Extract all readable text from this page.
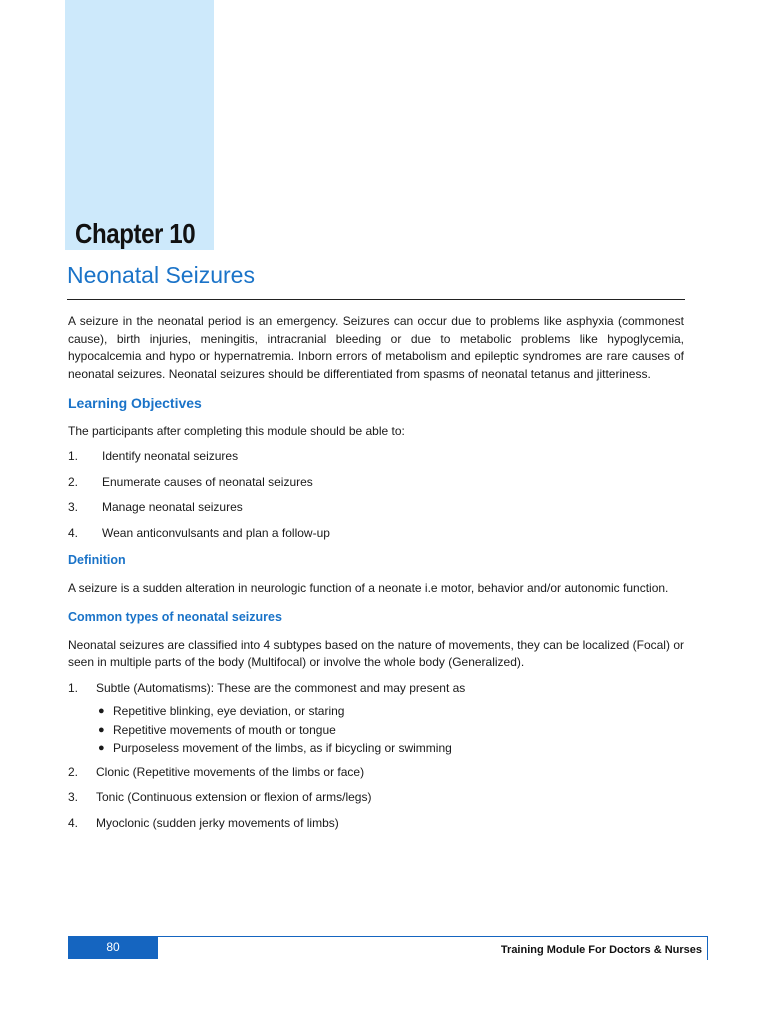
Chapter 10
Neonatal Seizures

A seizure in the neonatal period is an emergency. Seizures can occur due to problems like asphyxia (commonest cause), birth injuries, meningitis, intracranial bleeding or due to metabolic problems like hypoglycemia, hypocalcemia and hypo or hypernatremia. Inborn errors of metabolism and epileptic syndromes are rare causes of neonatal seizures. Neonatal seizures should be differentiated from spasms of neonatal tetanus and jitteriness.

Learning Objectives

The participants after completing this module should be able to:

1.	Identify neonatal seizures
2.	Enumerate causes of neonatal seizures
3.	Manage neonatal seizures
4.	Wean anticonvulsants and plan a follow-up
Definition

A seizure is a sudden alteration in neurologic function of a neonate i.e motor, behavior and/or autonomic function.

Common types of neonatal seizures

Neonatal seizures are classified into 4 subtypes based on the nature of movements, they can be localized (Focal) or seen in multiple parts of the body (Multifocal) or involve the whole body (Generalized).

1.	Subtle (Automatisms): These are the commonest and may present as
● Repetitive blinking, eye deviation, or staring
● Repetitive movements of mouth or tongue
● Purposeless movement of the limbs, as if bicycling or swimming
2.	Clonic (Repetitive movements of the limbs or face)
3.	Tonic (Continuous extension or flexion of arms/legs)
4.	Myoclonic (sudden jerky movements of limbs)
80	Training Module For Doctors & Nurses
